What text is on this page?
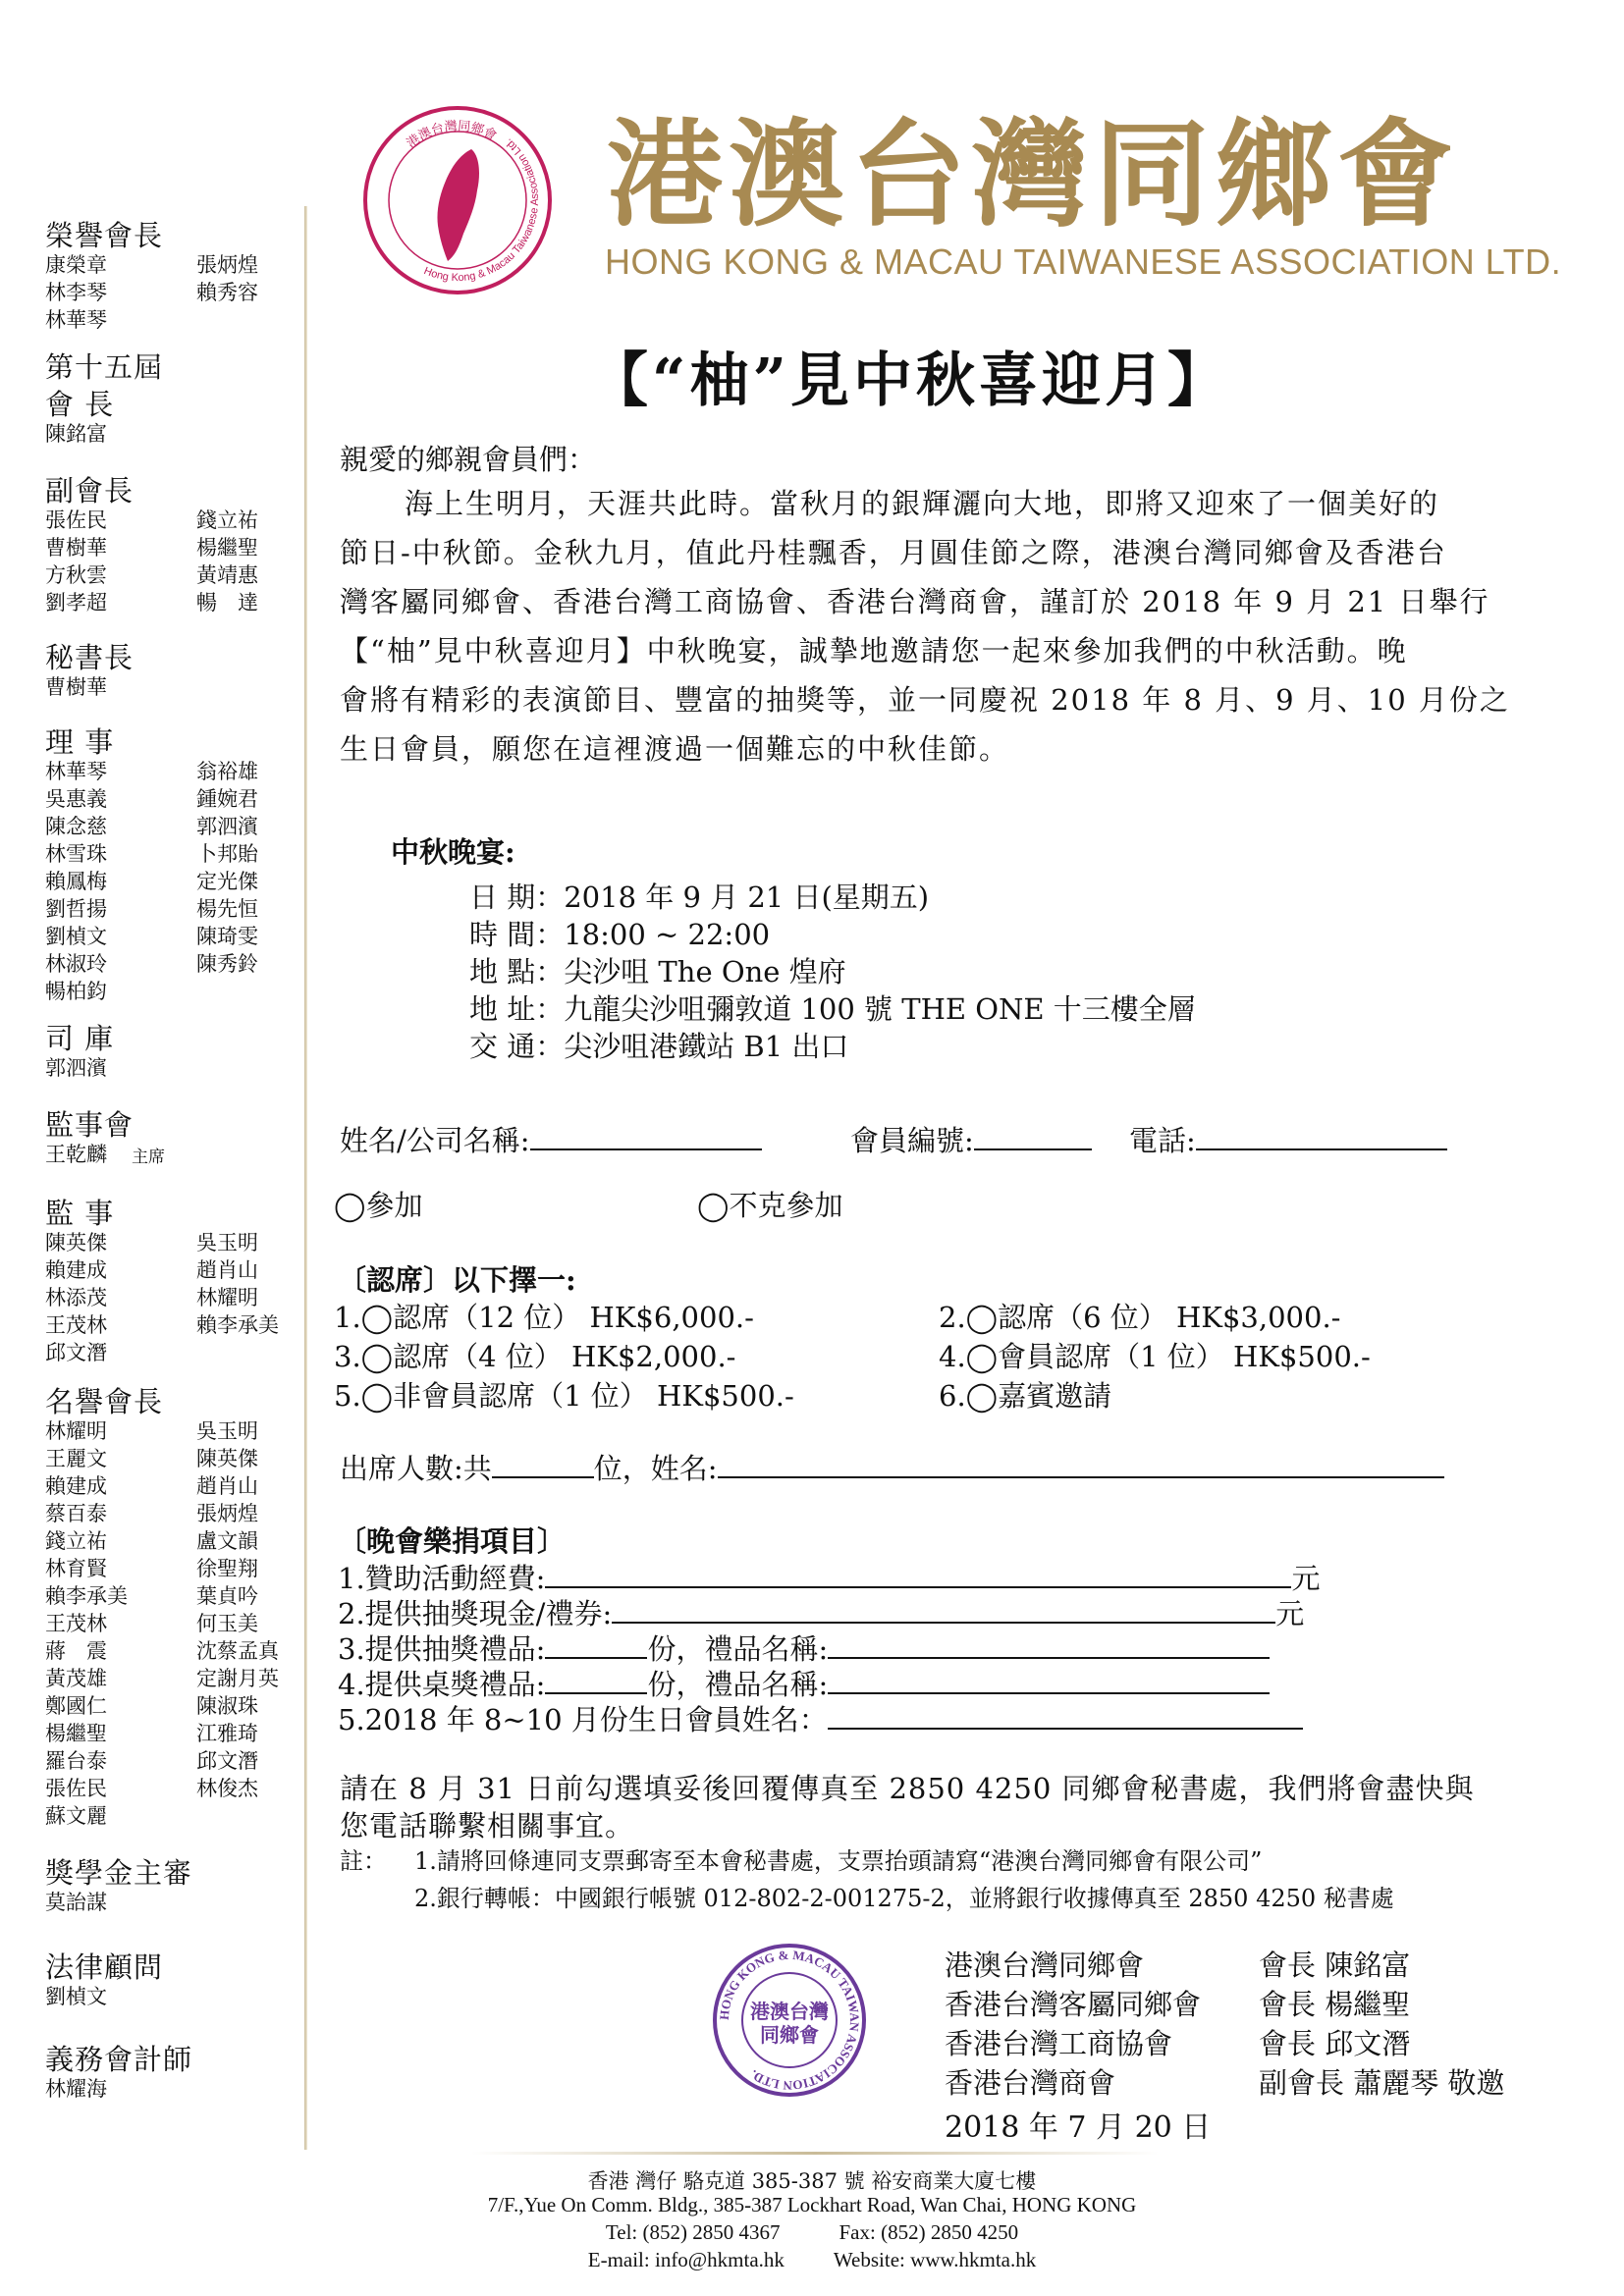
榮譽會長
康榮章	張炳煌
林李琴	賴秀容
林華琴
第十五屆
會 長
陳銘富
副會長
張佐民	錢立祐
曹樹華	楊繼聖
方秋雲	黃靖惠
劉孝超	暢　達
秘書長
曹樹華
理 事
林華琴	翁裕雄
吳惠義	鍾婉君
陳念慈	郭泗濱
林雪珠	卜邦貽
賴鳳梅	定光傑
劉哲揚	楊先恒
劉楨文	陳琦雯
林淑玲	陳秀鈴
暢柏鈞
司 庫
郭泗濱
監事會
王乾麟 主席
監 事
陳英傑	吳玉明
賴建成	趙肖山
林添茂	林耀明
王茂林	賴李承美
邱文潛
名譽會長
林耀明	吳玉明
王麗文	陳英傑
賴建成	趙肖山
蔡百泰	張炳煌
錢立祐	盧文韻
林育賢	徐聖翔
賴李承美	葉貞吟
王茂林	何玉美
蔣　震	沈蔡孟真
黃茂雄	定謝月英
鄭國仁	陳淑珠
楊繼聖	江雅琦
羅台泰	邱文潛
張佐民	林俊杰
蘇文麗
獎學金主審
莫詒謀
法律顧問
劉楨文
義務會計師
林耀海
Hong Kong & Macau Taiwanese Association Ltd.
港澳台灣同鄉會 港澳台灣同鄉會
HONG KONG & MACAU TAIWANESE ASSOCIATION LTD.
【“柚”見中秋喜迎月】
親愛的鄉親會員們：

海上生明月，天涯共此時。當秋月的銀輝灑向大地，即將又迎來了一個美好的

節日-中秋節。金秋九月，值此丹桂飄香，月圓佳節之際，港澳台灣同鄉會及香港台

灣客屬同鄉會、香港台灣工商協會、香港台灣商會，謹訂於 2018 年 9 月 21 日舉行

【“柚”見中秋喜迎月】中秋晚宴，誠摯地邀請您一起來參加我們的中秋活動。晚

會將有精彩的表演節目、豐富的抽獎等，並一同慶祝 2018 年 8 月、9 月、10 月份之

生日會員，願您在這裡渡過一個難忘的中秋佳節。

中秋晚宴:
日 期：2018 年 9 月 21 日(星期五)
時 間：18:00 ~ 22:00
地 點：尖沙咀 The One 煌府
地 址：九龍尖沙咀彌敦道 100 號 THE ONE 十三樓全層
交 通：尖沙咀港鐵站 B1 出口
姓名/公司名稱:	會員編號:	電話:
◯參加	◯不克參加
〔認席〕以下擇一:
1.◯認席（12 位） HK$6,000.-	2.◯認席（6 位） HK$3,000.-
3.◯認席（4 位） HK$2,000.-	4.◯會員認席（1 位） HK$500.-
5.◯非會員認席（1 位） HK$500.-	6.◯嘉賓邀請
出席人數:共	位，姓名:
〔晚會樂捐項目〕
1.贊助活動經費:	元
2.提供抽獎現金/禮券:	元
3.提供抽獎禮品:	份，禮品名稱:
4.提供桌獎禮品:	份，禮品名稱:
5.2018 年 8~10 月份生日會員姓名：
請在 8 月 31 日前勾選填妥後回覆傳真至 2850 4250 同鄉會秘書處，我們將會盡快與
您電話聯繫相關事宜。
註： 1.請將回條連同支票郵寄至本會秘書處，支票抬頭請寫“港澳台灣同鄉會有限公司”
2.銀行轉帳：中國銀行帳號 012-802-2-001275-2，並將銀行收據傳真至 2850 4250 秘書處
HONG KONG & MACAU TAIWAN ASSOCIATION LTD.
港澳台灣
同鄉會
港澳台灣同鄉會	會長 陳銘富
香港台灣客屬同鄉會 會長 楊繼聖
香港台灣工商協會	會長 邱文潛
香港台灣商會	副會長 蕭麗琴 敬邀
2018 年 7 月 20 日
香港 灣仔 駱克道 385-387 號 裕安商業大廈七樓
7/F.,Yue On Comm. Bldg., 385-387 Lockhart Road, Wan Chai, HONG KONG
Tel: (852) 2850 4367	Fax: (852) 2850 4250
E-mail: info@hkmta.hk Website: www.hkmta.hk
